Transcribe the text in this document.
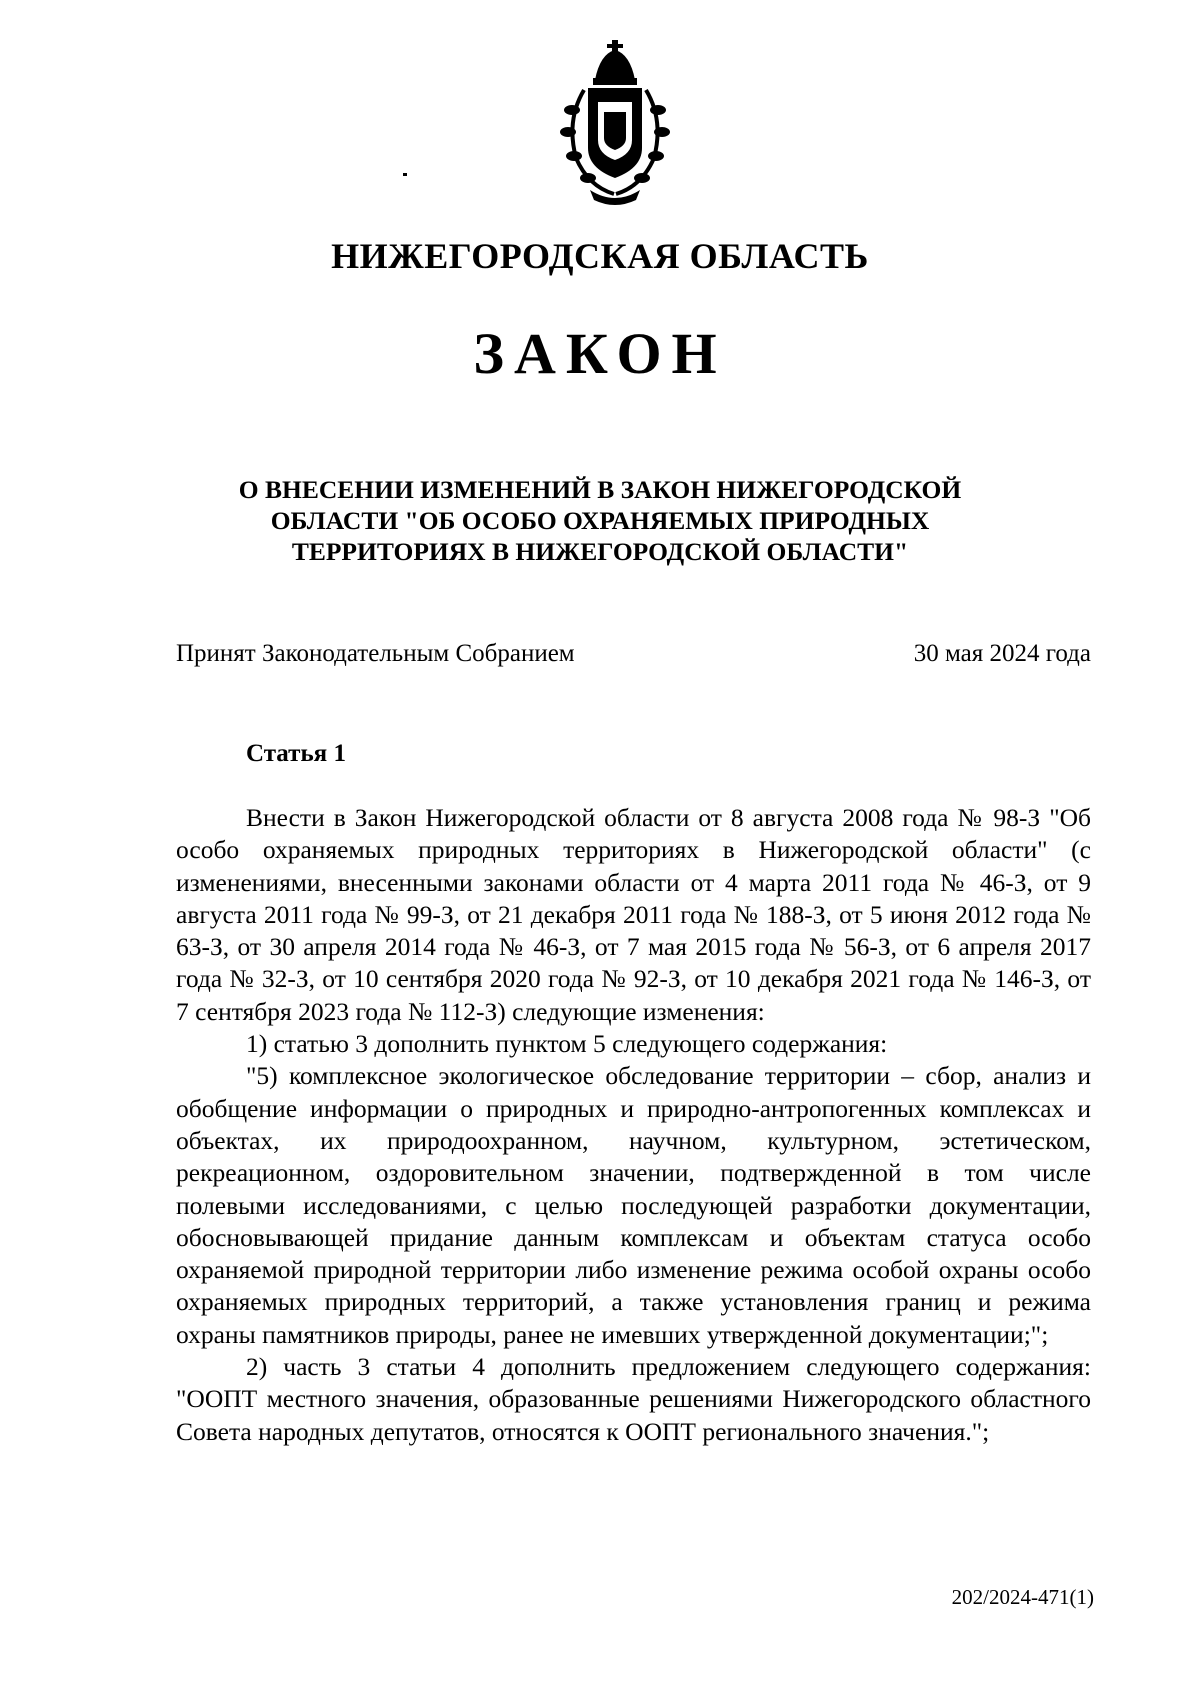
НИЖЕГОРОДСКАЯ ОБЛАСТЬ
ЗАКОН
О ВНЕСЕНИИ ИЗМЕНЕНИЙ В ЗАКОН НИЖЕГОРОДСКОЙ
ОБЛАСТИ "ОБ ОСОБО ОХРАНЯЕМЫХ ПРИРОДНЫХ
ТЕРРИТОРИЯХ В НИЖЕГОРОДСКОЙ ОБЛАСТИ"
Принят Законодательным Собранием	30 мая 2024 года
Статья 1

Внести в Закон Нижегородской области от 8 августа 2008 года № 98-З "Об особо охраняемых природных территориях в Нижегородской области" (с изменениями, внесенными законами области от 4 марта 2011 года № 46-З, от 9 августа 2011 года № 99-З, от 21 декабря 2011 года № 188-З, от 5 июня 2012 года № 63-З, от 30 апреля 2014 года № 46-З, от 7 мая 2015 года № 56-З, от 6 апреля 2017 года № 32-З, от 10 сентября 2020 года № 92-З, от 10 декабря 2021 года № 146-З, от 7 сентября 2023 года № 112-З) следующие изменения:

1) статью 3 дополнить пунктом 5 следующего содержания:

"5) комплексное экологическое обследование территории – сбор, анализ и обобщение информации о природных и природно-антропогенных комплексах и объектах, их природоохранном, научном, культурном, эстетическом, рекреационном, оздоровительном значении, подтвержденной в том числе полевыми исследованиями, с целью последующей разработки документации, обосновывающей придание данным комплексам и объектам статуса особо охраняемой природной территории либо изменение режима особой охраны особо охраняемых природных территорий, а также установления границ и режима охраны памятников природы, ранее не имевших утвержденной документации;";

2) часть 3 статьи 4 дополнить предложением следующего содержания: "ООПТ местного значения, образованные решениями Нижегородского областного Совета народных депутатов, относятся к ООПТ регионального значения.";

202/2024-471(1)
